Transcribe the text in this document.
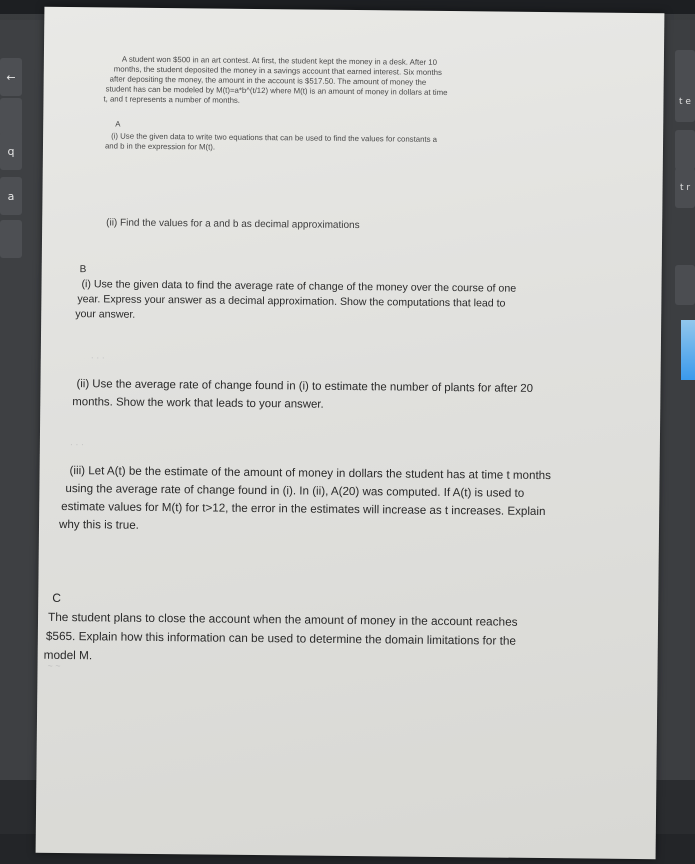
←
q
a
t e
t r
A student won $500 in an art contest. At first, the student kept the money in a desk. After 10
months, the student deposited the money in a savings account that earned interest. Six months
after depositing the money, the amount in the account is $517.50. The amount of money the
student has can be modeled by M(t)=a*b^(t/12) where M(t) is an amount of money in dollars at time
t, and t represents a number of months.
A
(i) Use the given data to write two equations that can be used to find the values for constants a
and b in the expression for M(t).
(ii) Find the values for a and b as decimal approximations
B
(i) Use the given data to find the average rate of change of the money over the course of one
year. Express your answer as a decimal approximation. Show the computations that lead to
your answer.
· · ·
(ii) Use the average rate of change found in (i) to estimate the number of plants for after 20
months. Show the work that leads to your answer.
· · ·
(iii) Let A(t) be the estimate of the amount of money in dollars the student has at time t months
using the average rate of change found in (i). In (ii), A(20) was computed. If A(t) is used to
estimate values for M(t) for t>12, the error in the estimates will increase as t increases. Explain
why this is true.
C
The student plans to close the account when the amount of money in the account reaches
$565. Explain how this information can be used to determine the domain limitations for the
model M.
~ ~
